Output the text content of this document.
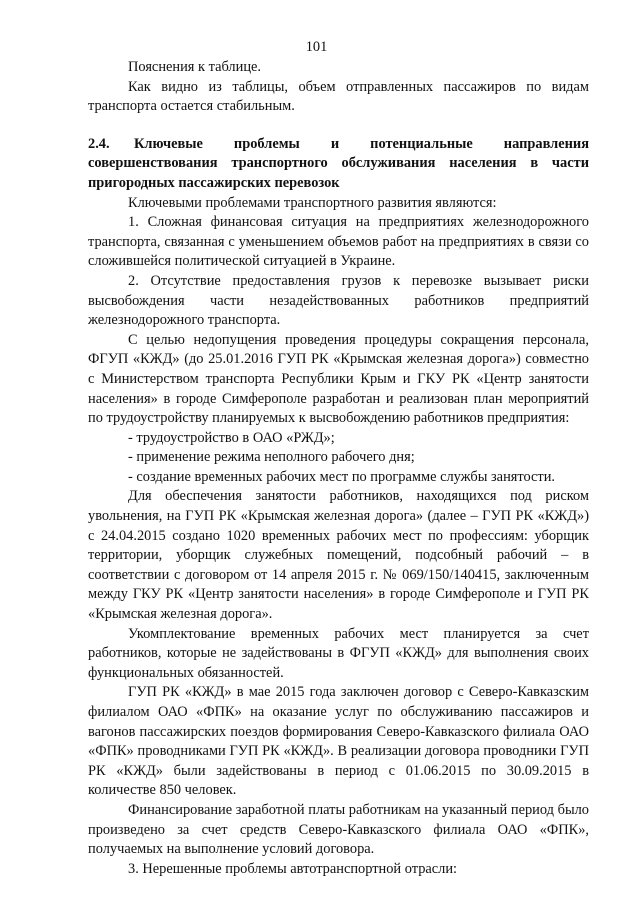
101

Пояснения к таблице.

Как видно из таблицы, объем отправленных пассажиров по видам транспорта остается стабильным.

2.4. Ключевые проблемы и потенциальные направления совершенствования транспортного обслуживания населения в части пригородных пассажирских перевозок

Ключевыми проблемами транспортного развития являются:

1. Сложная финансовая ситуация на предприятиях железнодорожного транспорта, связанная с уменьшением объемов работ на предприятиях в связи со сложившейся политической ситуацией в Украине.

2. Отсутствие предоставления грузов к перевозке вызывает риски высвобождения части незадействованных работников предприятий железнодорожного транспорта.

С целью недопущения проведения процедуры сокращения персонала, ФГУП «КЖД» (до 25.01.2016 ГУП РК «Крымская железная дорога») совместно с Министерством транспорта Республики Крым и ГКУ РК «Центр занятости населения» в городе Симферополе разработан и реализован план мероприятий по трудоустройству планируемых к высвобождению работников предприятия:

- трудоустройство в ОАО «РЖД»;

- применение режима неполного рабочего дня;

- создание временных рабочих мест по программе службы занятости.

Для обеспечения занятости работников, находящихся под риском увольнения, на ГУП РК «Крымская железная дорога» (далее – ГУП РК «КЖД») с 24.04.2015 создано 1020 временных рабочих мест по профессиям: уборщик территории, уборщик служебных помещений, подсобный рабочий – в соответствии с договором от 14 апреля 2015 г. № 069/150/140415, заключенным между ГКУ РК «Центр занятости населения» в городе Симферополе и ГУП РК «Крымская железная дорога».

Укомплектование временных рабочих мест планируется за счет работников, которые не задействованы в ФГУП «КЖД» для выполнения своих функциональных обязанностей.

ГУП РК «КЖД» в мае 2015 года заключен договор с Северо-Кавказским филиалом ОАО «ФПК» на оказание услуг по обслуживанию пассажиров и вагонов пассажирских поездов формирования Северо-Кавказского филиала ОАО «ФПК» проводниками ГУП РК «КЖД». В реализации договора проводники ГУП РК «КЖД» были задействованы в период с 01.06.2015 по 30.09.2015 в количестве 850 человек.

Финансирование заработной платы работникам на указанный период было произведено за счет средств Северо-Кавказского филиала ОАО «ФПК», получаемых на выполнение условий договора.

3. Нерешенные проблемы автотранспортной отрасли:
